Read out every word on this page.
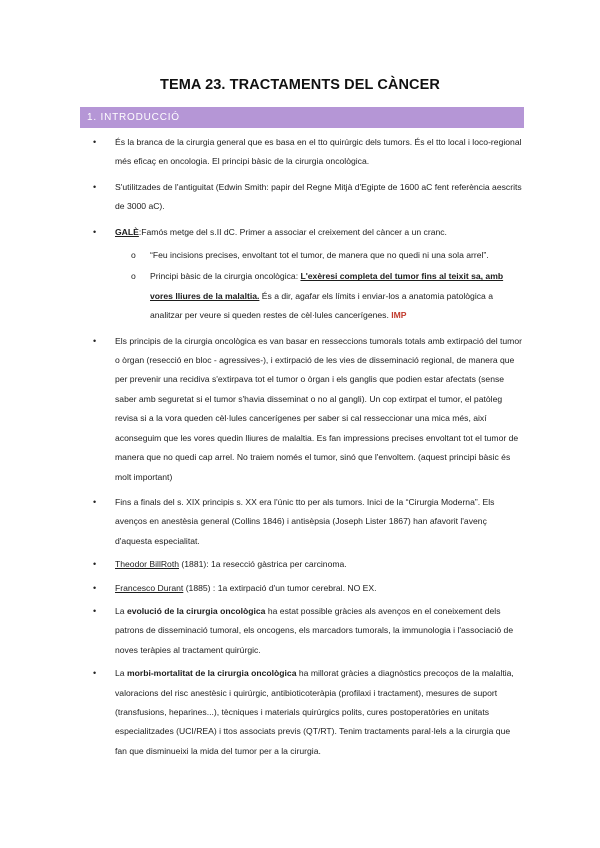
TEMA 23. TRACTAMENTS DEL CÀNCER
1. INTRODUCCIÓ
• És la branca de la cirurgia general que es basa en el tto quirúrgic dels tumors. És el tto local i loco-regional més eficaç en oncologia. El principi bàsic de la cirurgia oncològica.
• S'utilitzades de l'antiguitat (Edwin Smith: papir del Regne Mitjà d'Egipte de 1600 aC fent referència aescrits de 3000 aC).
• GALÈ:Famós metge del s.II dC. Primer a associar el creixement del càncer a un cranc.
o “Feu incisions precises, envoltant tot el tumor, de manera que no quedi ni una sola arrel”.
o Principi bàsic de la cirurgia oncològica: L'exèresi completa del tumor fins al teixit sa, amb vores lliures de la malaltia. És a dir, agafar els límits i enviar-los a anatomia patològica a analitzar per veure si queden restes de cèl·lules cancerígenes. IMP
• Els principis de la cirurgia oncològica es van basar en resseccions tumorals totals amb extirpació del tumor o òrgan (resecció en bloc - agressives-), i extirpació de les vies de disseminació regional, de manera que per prevenir una recidiva s'extirpava tot el tumor o òrgan i els ganglis que podien estar afectats (sense saber amb seguretat si el tumor s'havia disseminat o no al gangli). Un cop extirpat el tumor, el patòleg revisa si a la vora queden cèl·lules cancerígenes per saber si cal resseccionar una mica més, així aconseguim que les vores quedin lliures de malaltia. Es fan impressions precises envoltant tot el tumor de manera que no quedi cap arrel. No traiem només el tumor, sinó que l'envoltem. (aquest principi bàsic és molt important)
• Fins a finals del s. XIX principis s. XX era l'únic tto per als tumors. Inici de la “Cirurgia Moderna”. Els avenços en anestèsia general (Collins 1846) i antisèpsia (Joseph Lister 1867) han afavorit l'avenç d'aquesta especialitat.
• Theodor BillRoth (1881): 1a resecció gàstrica per carcinoma.
• Francesco Durant (1885) : 1a extirpació d'un tumor cerebral. NO EX.
• La evolució de la cirurgia oncològica ha estat possible gràcies als avenços en el coneixement dels patrons de disseminació tumoral, els oncogens, els marcadors tumorals, la immunologia i l'associació de noves teràpies al tractament quirúrgic.
• La morbi-mortalitat de la cirurgia oncològica ha millorat gràcies a diagnòstics precoços de la malaltia, valoracions del risc anestèsic i quirúrgic, antibioticoteràpia (profilaxi i tractament), mesures de suport (transfusions, heparines...), tècniques i materials quirúrgics polits, cures postoperatòries en unitats especialitzades (UCI/REA) i ttos associats previs (QT/RT). Tenim tractaments paral·lels a la cirurgia que fan que disminueixi la mida del tumor per a la cirurgia.
